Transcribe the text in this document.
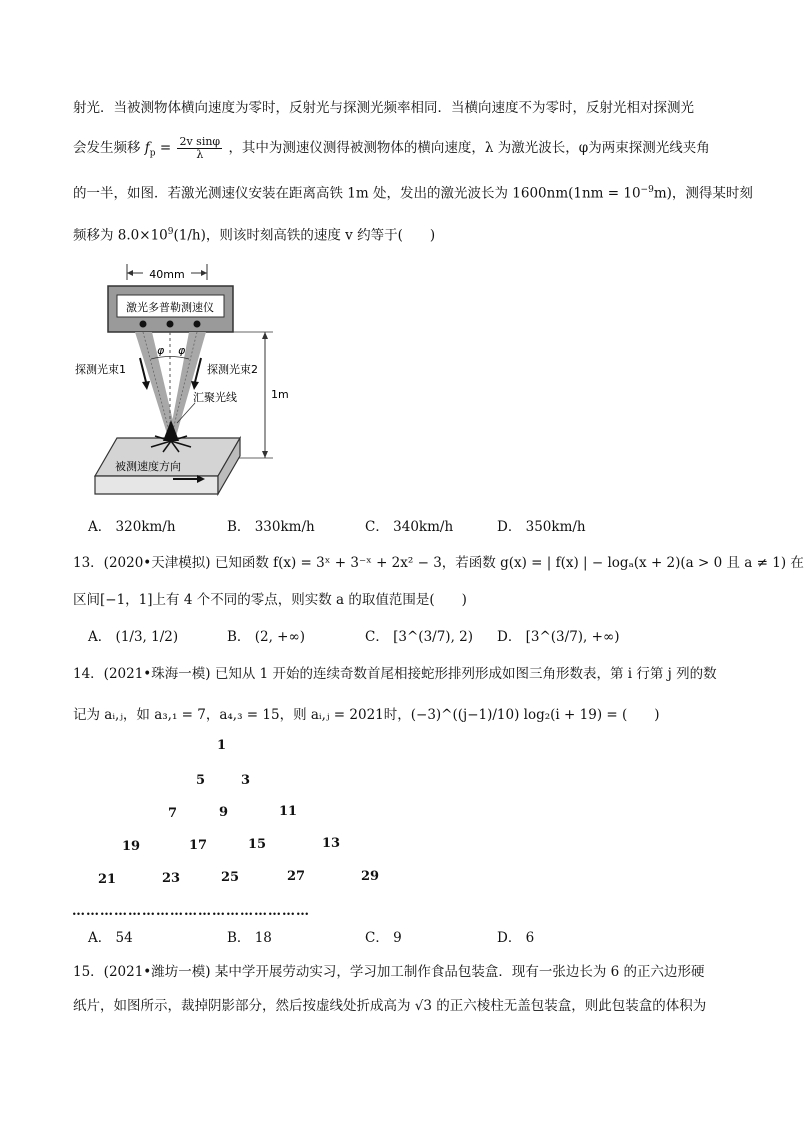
射光．当被测物体横向速度为零时，反射光与探测光频率相同．当横向速度不为零时，反射光相对探测光
会发生频移 $f_p = \frac{\text{2v sinφ}}{\lambda}$ ，其中为测速仪测得被测物体的横向速度，λ 为激光波长，φ为两束探测光线夹角
的一半，如图．若激光测速仪安装在距离高铁 1m 处，发出的激光波长为 $1600nm(1nm = 10^{-9}m)$，测得某时刻
频移为 $8.0\times 10^9(1/h)$，则该时刻高铁的速度 v 约等于(　　)
40mm
激光多普勒测速仪
φ φ
探测光束1	探测光束2
1m
汇聚光线
被测速度方向
A． 320km/h	B． 330km/h	C． 340km/h	D． 350km/h
13．(2020•天津模拟) 已知函数 f(x) = 3ˣ + 3⁻ˣ + 2x² − 3，若函数 g(x) = | f(x) | − logₐ(x + 2)(a > 0 且 a ≠ 1) 在
区间[−1，1]上有 4 个不同的零点，则实数 a 的取值范围是(　　)
A． (1/3, 1/2)	B． (2, +∞)	C． [3^(3/7), 2) D． [3^(3/7), +∞)
14．(2021•珠海一模) 已知从 1 开始的连续奇数首尾相接蛇形排列形成如图三角形数表，第 i 行第 j 列的数
记为 aᵢ,ⱼ，如 a₃,₁ = 7，a₄,₃ = 15，则 aᵢ,ⱼ = 2021时，(−3)^((j−1)/10) log₂(i + 19) = (　　)
1
5	3
7	9	11
19	17	15	13
21	23	25	27	29
……………………………………………
A． 54	B． 18	C． 9	D． 6
15．(2021•潍坊一模) 某中学开展劳动实习，学习加工制作食品包装盒．现有一张边长为 6 的正六边形硬
纸片，如图所示，裁掉阴影部分，然后按虚线处折成高为 √3 的正六棱柱无盖包装盒，则此包装盒的体积为
